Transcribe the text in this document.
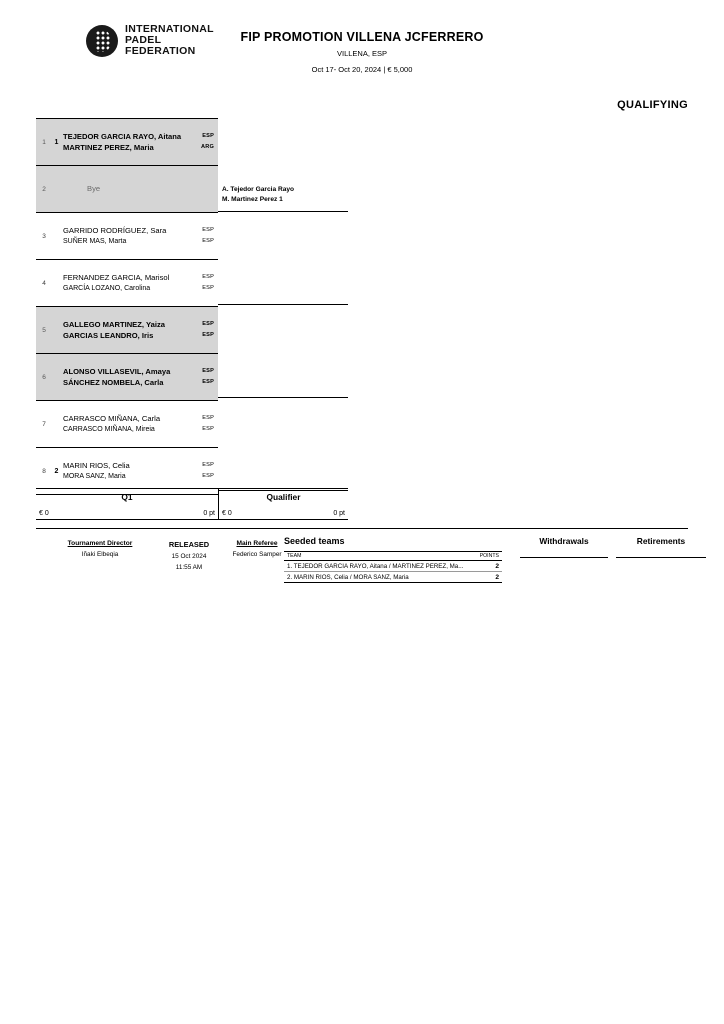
INTERNATIONAL
PADEL
FEDERATION
FIP PROMOTION VILLENA JCFERRERO
VILLENA, ESP
Oct 17- Oct 20, 2024 | € 5,000
QUALIFYING
1	1
TEJEDOR GARCIA RAYO, Aitana
MARTINEZ PEREZ, Maria
ESP
ARG
2	Bye
3
GARRIDO RODRÍGUEZ, Sara
SUÑER MAS, Marta
ESP
ESP
4
FERNANDEZ GARCIA, Marisol
GARCÍA LOZANO, Carolina
ESP
ESP
5
GALLEGO MARTINEZ, Yaiza
GARCIAS LEANDRO, Iris
ESP
ESP
6
ALONSO VILLASEVIL, Amaya
SÁNCHEZ NOMBELA, Carla
ESP
ESP
7
CARRASCO MIÑANA, Carla
CARRASCO MIÑANA, Mireia
ESP
ESP
8	2
MARIN RIOS, Celia
MORA SANZ, Maria
ESP
ESP
A. Tejedor Garcia Rayo
M. Martinez Perez 1
Q1
€ 0	0 pt
Qualifier
€ 0	0 pt
Tournament Director
Iñaki Elbeqia
RELEASED
15 Oct 2024
11:55 AM
Main Referee
Federico Samper
Seeded teams
TEAM	POINTS
1. TEJEDOR GARCIA RAYO, Aitana / MARTINEZ PEREZ, Ma...	2
2. MARIN RIOS, Celia / MORA SANZ, Maria	2
Withdrawals	Retirements
